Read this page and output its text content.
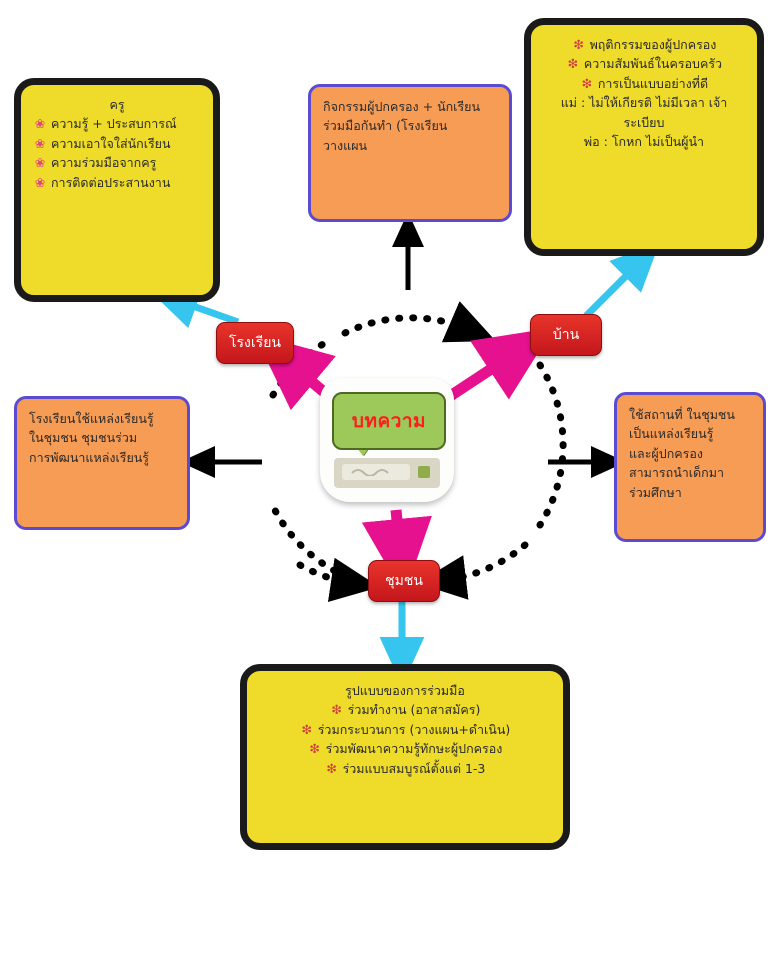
บทความ
โรงเรียน	บ้าน
ชุมชน
ครู
❀ ความรู้ + ประสบการณ์
❀ ความเอาใจใส่นักเรียน
❀ ความร่วมมือจากครู
❀ การติดต่อประสานงาน
กิจกรรมผู้ปกครอง + นักเรียน
ร่วมมือกันทำ (โรงเรียน
วางแผน
❇ พฤติกรรมของผู้ปกครอง
❇ ความสัมพันธ์ในครอบครัว
❇ การเป็นแบบอย่างที่ดี
แม่ : ไม่ให้เกียรติ ไม่มีเวลา เจ้าระเบียบ
พ่อ : โกหก ไม่เป็นผู้นำ
โรงเรียนใช้แหล่งเรียนรู้
ในชุมชน ชุมชนร่วม
การพัฒนาแหล่งเรียนรู้
ใช้สถานที่ ในชุมชน
เป็นแหล่งเรียนรู้
และผู้ปกครอง
สามารถนำเด็กมา
ร่วมศึกษา
รูปแบบของการร่วมมือ
❇ ร่วมทำงาน (อาสาสมัคร)
❇ ร่วมกระบวนการ (วางแผน+ดำเนิน)
❇ ร่วมพัฒนาความรู้ทักษะผู้ปกครอง
❇ ร่วมแบบสมบูรณ์ตั้งแต่ 1-3
